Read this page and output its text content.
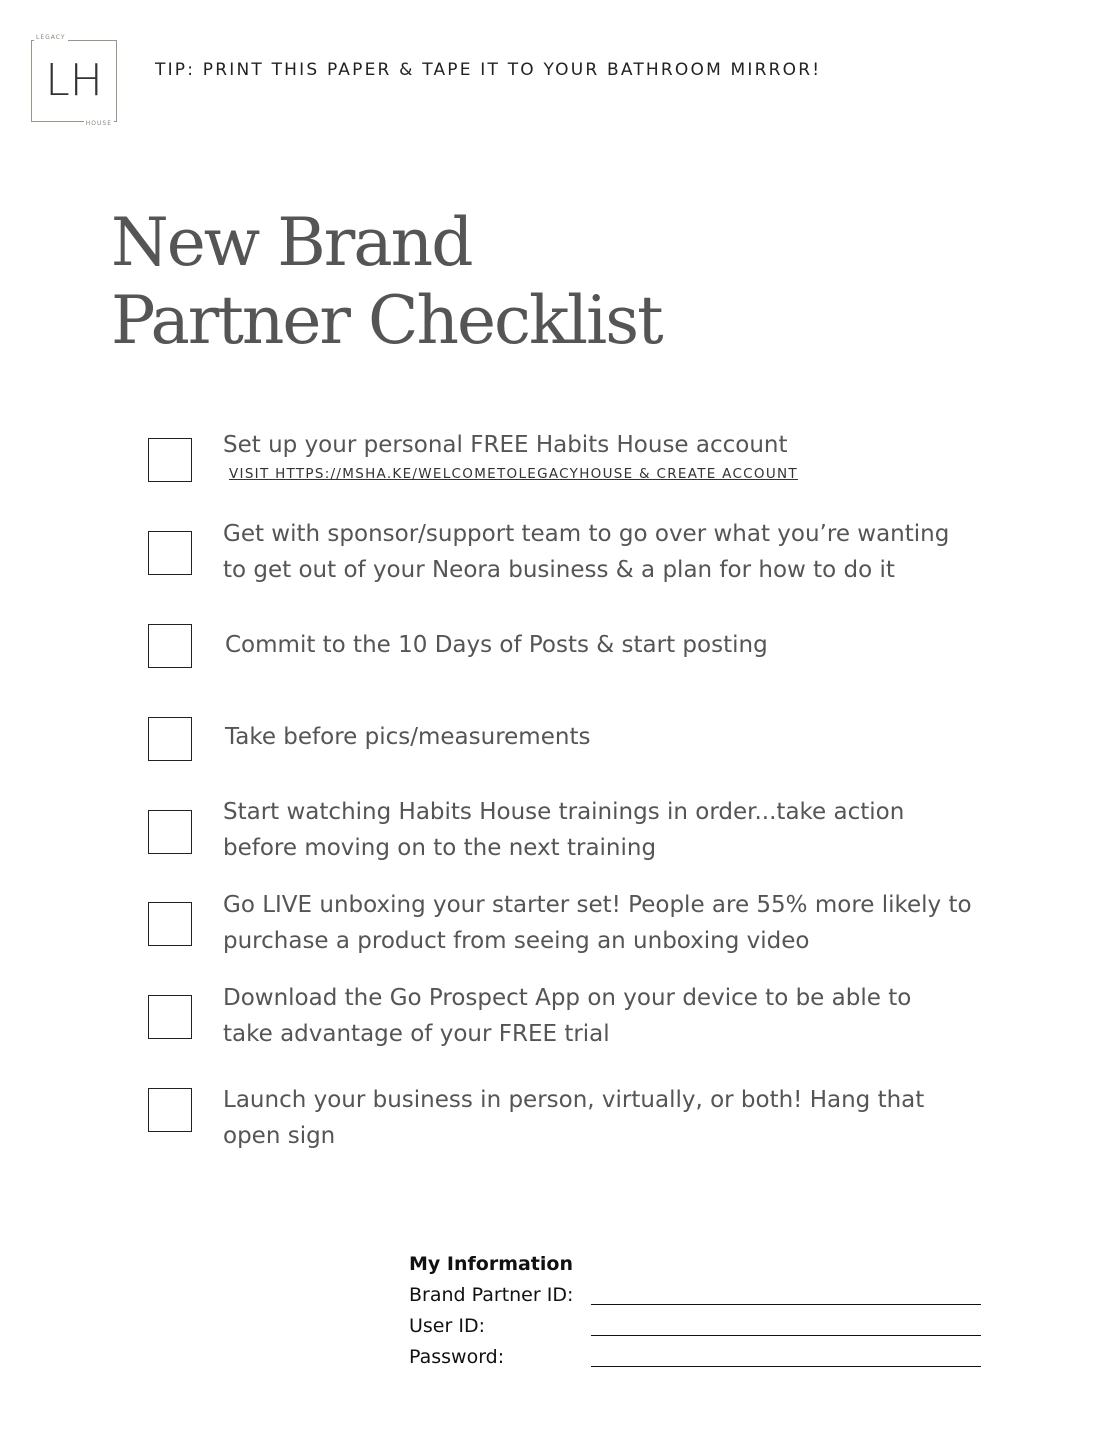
LEGACY
LH
HOUSE
TIP: PRINT THIS PAPER & TAPE IT TO YOUR BATHROOM MIRROR!
New Brand
Partner Checklist
Set up your personal FREE Habits House account
VISIT HTTPS://MSHA.KE/WELCOMETOLEGACYHOUSE & CREATE ACCOUNT
Get with sponsor/support team to go over what you’re wanting
to get out of your Neora business & a plan for how to do it
Commit to the 10 Days of Posts & start posting
Take before pics/measurements
Start watching Habits House trainings in order...take action
before moving on to the next training
Go LIVE unboxing your starter set! People are 55% more likely to
purchase a product from seeing an unboxing video
Download the Go Prospect App on your device to be able to
take advantage of your FREE trial
Launch your business in person, virtually, or both! Hang that
open sign
My Information
Brand Partner ID:
User ID:
Password:
